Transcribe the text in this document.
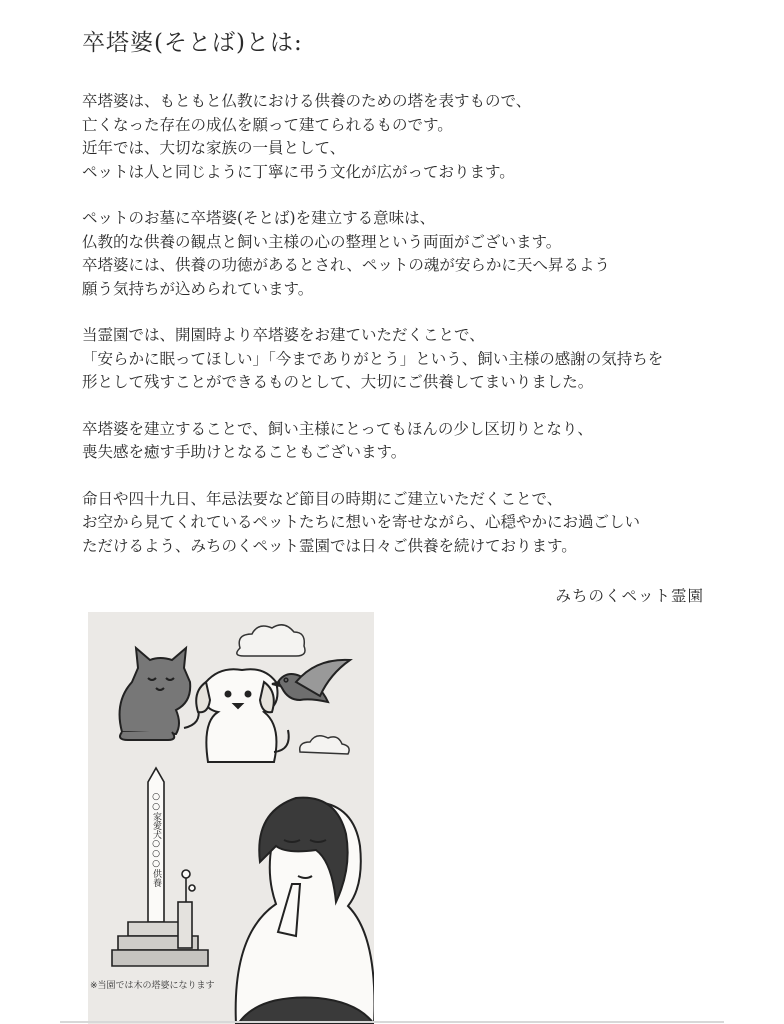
卒塔婆(そとば)とは:

卒塔婆は、もともと仏教における供養のための塔を表すもので、
亡くなった存在の成仏を願って建てられるものです。
近年では、大切な家族の一員として、
ペットは人と同じように丁寧に弔う文化が広がっております。

ペットのお墓に卒塔婆(そとば)を建立する意味は、
仏教的な供養の観点と飼い主様の心の整理という両面がございます。
卒塔婆には、供養の功徳があるとされ、ペットの魂が安らかに天へ昇るよう
願う気持ちが込められています。

当霊園では、開園時より卒塔婆をお建ていただくことで、
「安らかに眠ってほしい」「今までありがとう」という、飼い主様の感謝の気持ちを
形として残すことができるものとして、大切にご供養してまいりました。

卒塔婆を建立することで、飼い主様にとってもほんの少し区切りとなり、
喪失感を癒す手助けとなることもございます。

命日や四十九日、年忌法要など節目の時期にご建立いただくことで、
お空から見てくれているペットたちに想いを寄せながら、心穏やかにお過ごしい
ただけるよう、みちのくペット霊園では日々ご供養を続けております。

みちのくペット霊園
○○家愛犬○○○供養
※当園では木の塔婆になります
